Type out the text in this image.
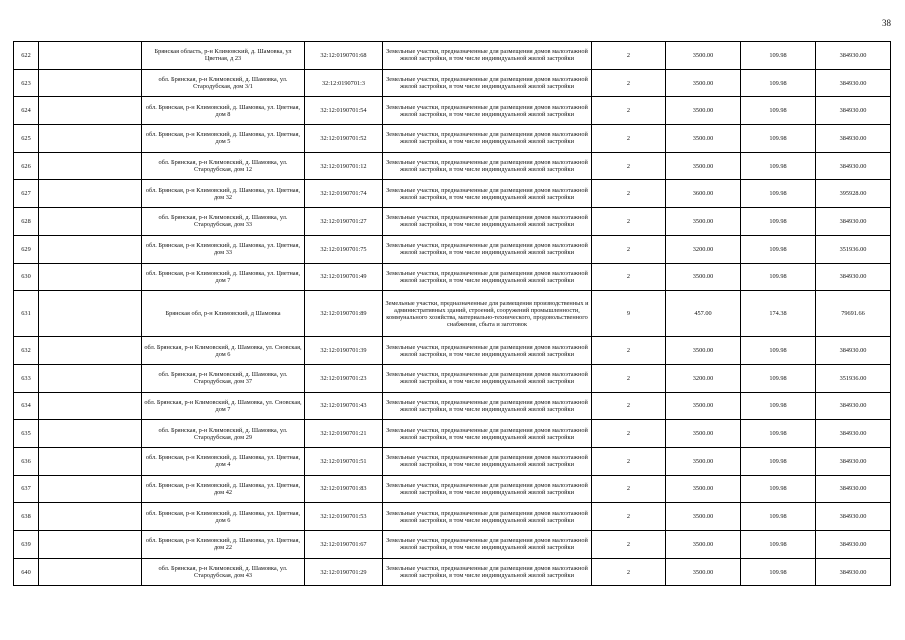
38
622		Брянская область, р-н Климовский, д. Шамовка, ул Цветная, д 23	32:12:0190701:68	Земельные участки, предназначенные для размещения домов малоэтажной жилой застройки, в том числе индивидуальной жилой застройки	2	3500.00	109.98	384930.00
623		обл. Брянская, р-н Климовский, д. Шамовка, ул. Стародубская, дом 3/1	32:12:0190701:3	Земельные участки, предназначенные для размещения домов малоэтажной жилой застройки, в том числе индивидуальной жилой застройки	2	3500.00	109.98	384930.00
624		обл. Брянская, р-н Климовский, д. Шамовка, ул. Цветная, дом 8	32:12:0190701:54	Земельные участки, предназначенные для размещения домов малоэтажной жилой застройки, в том числе индивидуальной жилой застройки	2	3500.00	109.98	384930.00
625		обл. Брянская, р-н Климовский, д. Шамовка, ул. Цветная, дом 5	32:12:0190701:52	Земельные участки, предназначенные для размещения домов малоэтажной жилой застройки, в том числе индивидуальной жилой застройки	2	3500.00	109.98	384930.00
626		обл. Брянская, р-н Климовский, д. Шамовка, ул. Стародубская, дом 12	32:12:0190701:12	Земельные участки, предназначенные для размещения домов малоэтажной жилой застройки, в том числе индивидуальной жилой застройки	2	3500.00	109.98	384930.00
627		обл. Брянская, р-н Климовский, д. Шамовка, ул. Цветная, дом 32	32:12:0190701:74	Земельные участки, предназначенные для размещения домов малоэтажной жилой застройки, в том числе индивидуальной жилой застройки	2	3600.00	109.98	395928.00
628		обл. Брянская, р-н Климовский, д. Шамовка, ул. Стародубская, дом 33	32:12:0190701:27	Земельные участки, предназначенные для размещения домов малоэтажной жилой застройки, в том числе индивидуальной жилой застройки	2	3500.00	109.98	384930.00
629		обл. Брянская, р-н Климовский, д. Шамовка, ул. Цветная, дом 33	32:12:0190701:75	Земельные участки, предназначенные для размещения домов малоэтажной жилой застройки, в том числе индивидуальной жилой застройки	2	3200.00	109.98	351936.00
630		обл. Брянская, р-н Климовский, д. Шамовка, ул. Цветная, дом 7	32:12:0190701:49	Земельные участки, предназначенные для размещения домов малоэтажной жилой застройки, в том числе индивидуальной жилой застройки	2	3500.00	109.98	384930.00
631		Брянская обл, р-н Климовский, д Шамовка	32:12:0190701:89	Земельные участки, предназначенные для размещения производственных и административных зданий, строений, сооружений промышленности, коммунального хозяйства, материально-технического, продовольственного снабжения, сбыта и заготовок	9	457.00	174.38	79691.66
632		обл. Брянская, р-н Климовский, д. Шамовка, ул. Сновская, дом 6	32:12:0190701:39	Земельные участки, предназначенные для размещения домов малоэтажной жилой застройки, в том числе индивидуальной жилой застройки	2	3500.00	109.98	384930.00
633		обл. Брянская, р-н Климовский, д. Шамовка, ул. Стародубская, дом 37	32:12:0190701:23	Земельные участки, предназначенные для размещения домов малоэтажной жилой застройки, в том числе индивидуальной жилой застройки	2	3200.00	109.98	351936.00
634		обл. Брянская, р-н Климовский, д. Шамовка, ул. Сновская, дом 7	32:12:0190701:43	Земельные участки, предназначенные для размещения домов малоэтажной жилой застройки, в том числе индивидуальной жилой застройки	2	3500.00	109.98	384930.00
635		обл. Брянская, р-н Климовский, д. Шамовка, ул. Стародубская, дом 29	32:12:0190701:21	Земельные участки, предназначенные для размещения домов малоэтажной жилой застройки, в том числе индивидуальной жилой застройки	2	3500.00	109.98	384930.00
636		обл. Брянская, р-н Климовский, д. Шамовка, ул. Цветная, дом 4	32:12:0190701:51	Земельные участки, предназначенные для размещения домов малоэтажной жилой застройки, в том числе индивидуальной жилой застройки	2	3500.00	109.98	384930.00
637		обл. Брянская, р-н Климовский, д. Шамовка, ул. Цветная, дом 42	32:12:0190701:83	Земельные участки, предназначенные для размещения домов малоэтажной жилой застройки, в том числе индивидуальной жилой застройки	2	3500.00	109.98	384930.00
638		обл. Брянская, р-н Климовский, д. Шамовка, ул. Цветная, дом 6	32:12:0190701:53	Земельные участки, предназначенные для размещения домов малоэтажной жилой застройки, в том числе индивидуальной жилой застройки	2	3500.00	109.98	384930.00
639		обл. Брянская, р-н Климовский, д. Шамовка, ул. Цветная, дом 22	32:12:0190701:67	Земельные участки, предназначенные для размещения домов малоэтажной жилой застройки, в том числе индивидуальной жилой застройки	2	3500.00	109.98	384930.00
640		обл. Брянская, р-н Климовский, д. Шамовка, ул. Стародубская, дом 43	32:12:0190701:29	Земельные участки, предназначенные для размещения домов малоэтажной жилой застройки, в том числе индивидуальной жилой застройки	2	3500.00	109.98	384930.00
